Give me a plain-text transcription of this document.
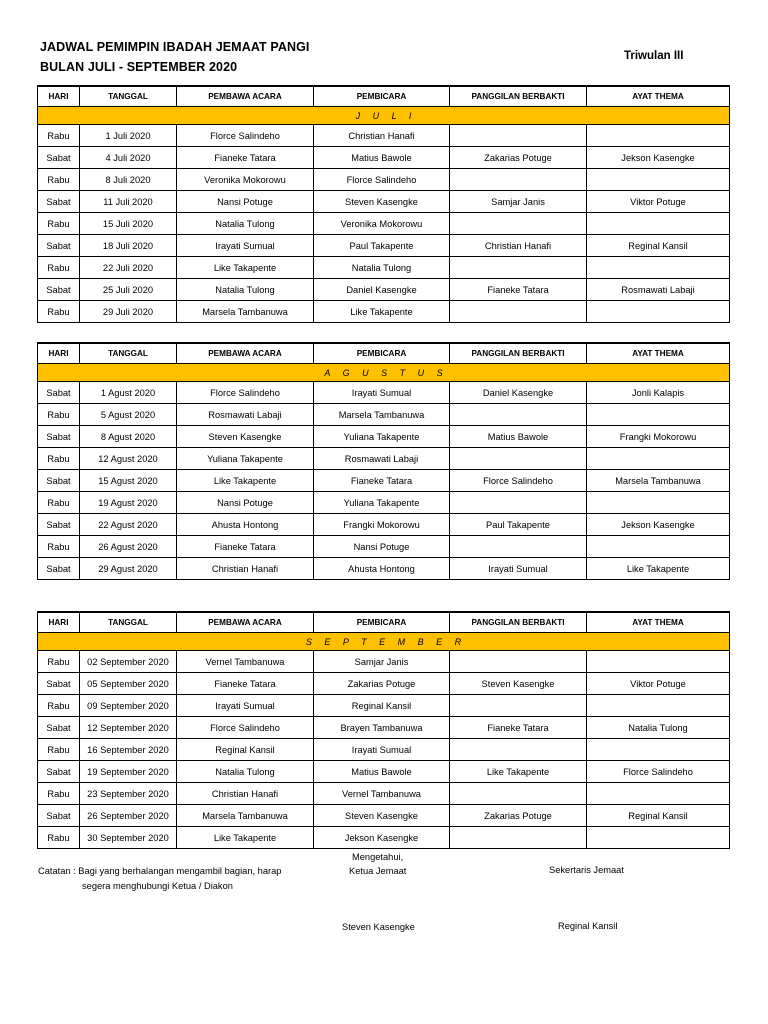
JADWAL PEMIMPIN IBADAH JEMAAT PANGI
BULAN JULI - SEPTEMBER 2020
Triwulan III
HARI	TANGGAL	PEMBAWA ACARA	PEMBICARA	PANGGILAN BERBAKTI	AYAT THEMA
J     U     L     I					
Rabu	1 Juli 2020	Florce Salindeho	Christian Hanafi		
Sabat	4 Juli 2020	Fianeke Tatara	Matius Bawole	Zakarias Potuge	Jekson Kasengke
Rabu	8 Juli 2020	Veronika Mokorowu	Florce Salindeho		
Sabat	11 Juli 2020	Nansi Potuge	Steven Kasengke	Samjar Janis	Viktor Potuge
Rabu	15 Juli 2020	Natalia Tulong	Veronika Mokorowu		
Sabat	18 Juli 2020	Irayati Sumual	Paul Takapente	Christian Hanafi	Reginal Kansil
Rabu	22 Juli 2020	Like Takapente	Natalia Tulong		
Sabat	25 Juli 2020	Natalia Tulong	Daniel Kasengke	Fianeke Tatara	Rosmawati Labaji
Rabu	29 Juli 2020	Marsela Tambanuwa	Like Takapente		
HARI	TANGGAL	PEMBAWA ACARA	PEMBICARA	PANGGILAN BERBAKTI	AYAT THEMA
A     G     U     S     T     U     S					
Sabat	1 Agust 2020	Florce Salindeho	Irayati Sumual	Daniel Kasengke	Jonli Kalapis
Rabu	5 Agust 2020	Rosmawati Labaji	Marsela Tambanuwa		
Sabat	8 Agust 2020	Steven Kasengke	Yuliana Takapente	Matius Bawole	Frangki Mokorowu
Rabu	12 Agust 2020	Yuliana Takapente	Rosmawati Labaji		
Sabat	15 Agust 2020	Like Takapente	Fianeke Tatara	Florce Salindeho	Marsela Tambanuwa
Rabu	19 Agust 2020	Nansi Potuge	Yuliana Takapente		
Sabat	22 Agust 2020	Ahusta Hontong	Frangki Mokorowu	Paul Takapente	Jekson Kasengke
Rabu	26 Agust 2020	Fianeke Tatara	Nansi Potuge		
Sabat	29 Agust 2020	Christian Hanafi	Ahusta Hontong	Irayati Sumual	Like Takapente
HARI	TANGGAL	PEMBAWA ACARA	PEMBICARA	PANGGILAN BERBAKTI	AYAT THEMA
S     E     P     T     E     M     B     E     R					
Rabu	02 September 2020	Vernel Tambanuwa	Samjar Janis		
Sabat	05 September 2020	Fianeke Tatara	Zakarias Potuge	Steven Kasengke	Viktor Potuge
Rabu	09 September 2020	Irayati Sumual	Reginal Kansil		
Sabat	12 September 2020	Florce Salindeho	Brayen Tambanuwa	Fianeke Tatara	Natalia Tulong
Rabu	16 September 2020	Reginal Kansil	Irayati Sumual		
Sabat	19 September 2020	Natalia Tulong	Matius Bawole	Like Takapente	Florce Salindeho
Rabu	23 September 2020	Christian Hanafi	Vernel Tambanuwa		
Sabat	26 September 2020	Marsela Tambanuwa	Steven Kasengke	Zakarias Potuge	Reginal Kansil
Rabu	30 September 2020	Like Takapente	Jekson Kasengke		
Catatan : Bagi yang berhalangan mengambil bagian, harap
segera menghubungi Ketua / Diakon
Mengetahui,
Ketua Jemaat	Sekertaris Jemaat
Steven Kasengke	Reginal Kansil
